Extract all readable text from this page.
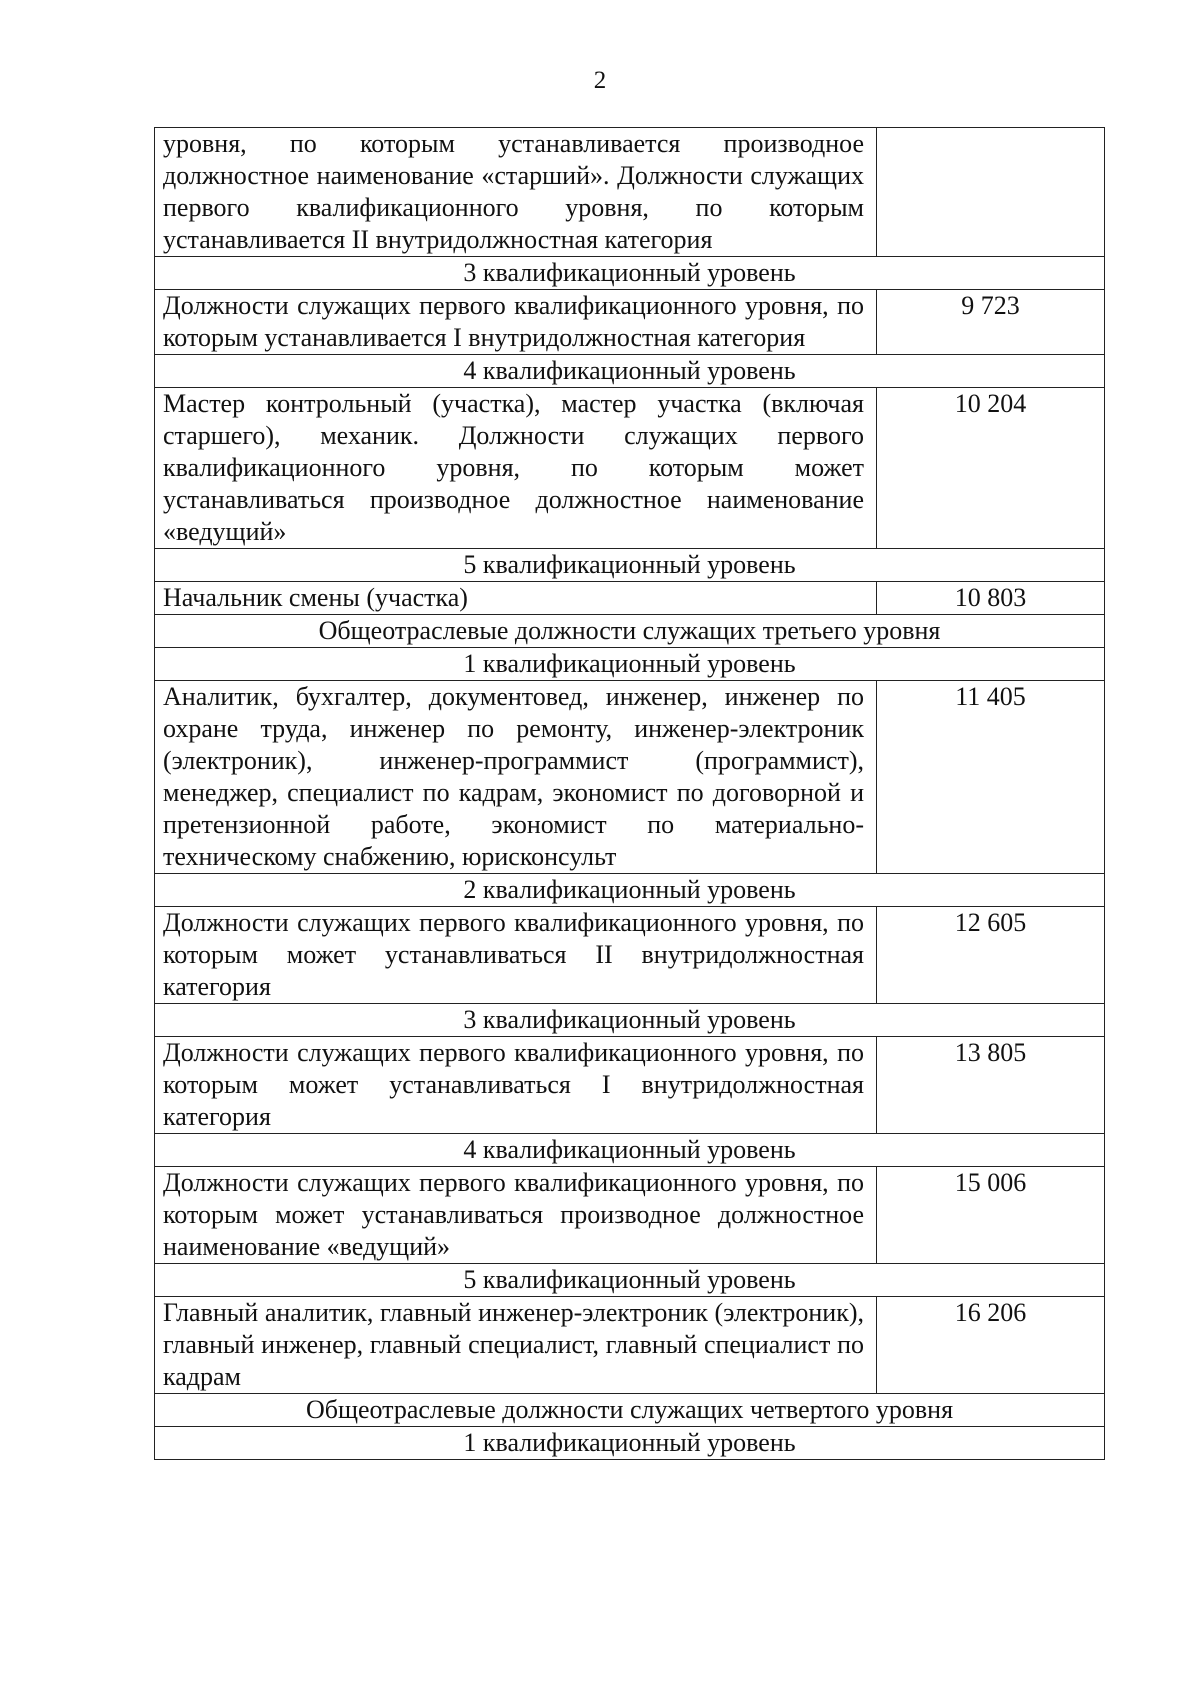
2
уровня, по которым устанавливается производное должностное наименование «старший». Должности служащих первого квалификационного уровня, по которым устанавливается II внутридолжностная категория	
3 квалификационный уровень	
Должности служащих первого квалификационного уровня, по которым устанавливается I внутридолжностная категория	9 723
4 квалификационный уровень	
Мастер контрольный (участка), мастер участка (включая старшего), механик. Должности служащих первого квалификационного уровня, по которым может устанавливаться производное должностное наименование «ведущий»	10 204
5 квалификационный уровень	
Начальник смены (участка)	10 803
Общеотраслевые должности служащих третьего уровня	
1 квалификационный уровень	
Аналитик, бухгалтер, документовед, инженер, инженер по охране труда, инженер по ремонту, инженер-электроник (электроник), инженер-программист (программист), менеджер, специалист по кадрам, экономист по договорной и претензионной работе, экономист по материально-техническому снабжению, юрисконсульт	11 405
2 квалификационный уровень	
Должности служащих первого квалификационного уровня, по которым может устанавливаться II внутридолжностная категория	12 605
3 квалификационный уровень	
Должности служащих первого квалификационного уровня, по которым может устанавливаться I внутридолжностная категория	13 805
4 квалификационный уровень	
Должности служащих первого квалификационного уровня, по которым может устанавливаться производное должностное наименование «ведущий»	15 006
5 квалификационный уровень	
Главный аналитик, главный инженер-электроник (электроник), главный инженер, главный специалист, главный специалист по кадрам	16 206
Общеотраслевые должности служащих четвертого уровня	
1 квалификационный уровень	
